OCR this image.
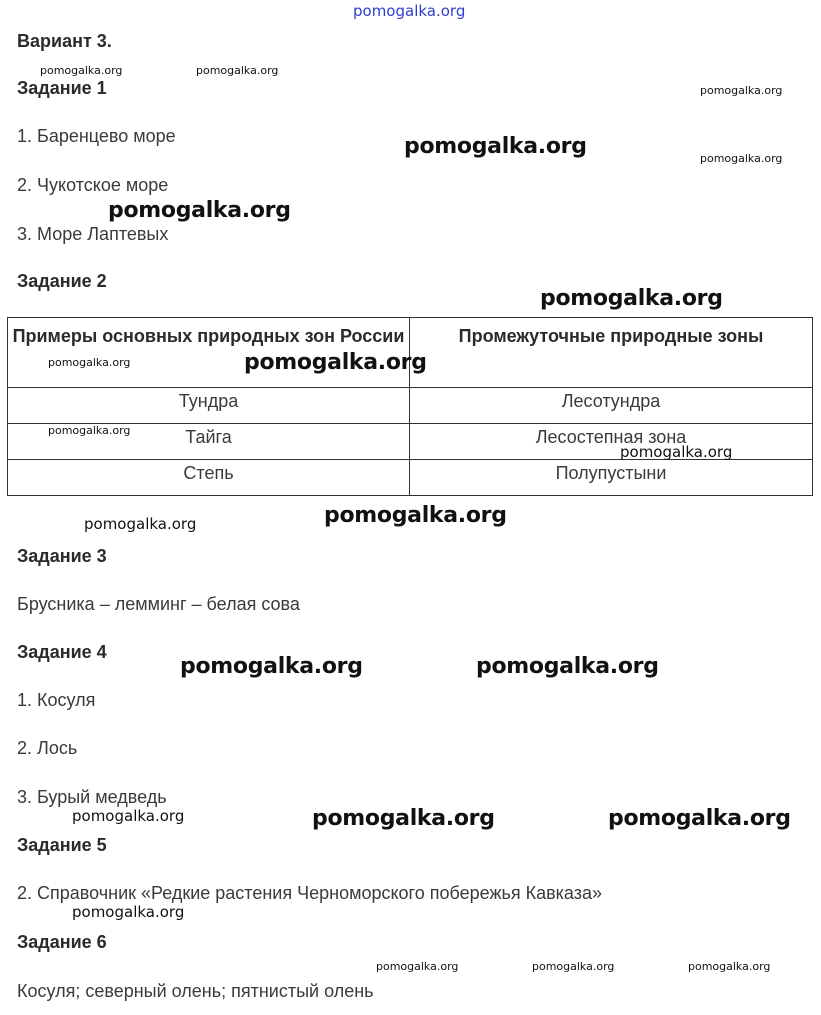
Вариант 3.
Задание 1
1. Баренцево море
2. Чукотское море
3. Море Лаптевых
Задание 2
Примеры основных природных зон России	Промежуточные природные зоны
Тундра	Лесотундра
Тайга	Лесостепная зона
Степь	Полупустыни
Задание 3
Брусника – лемминг – белая сова
Задание 4
1. Косуля
2. Лось
3. Бурый медведь
Задание 5
2. Справочник «Редкие растения Черноморского побережья Кавказа»
Задание 6
Косуля; северный олень; пятнистый олень
pomogalka.org
pomogalka.org	pomogalka.org
pomogalka.org
pomogalka.org	pomogalka.org
pomogalka.org
pomogalka.org
pomogalka.org	pomogalka.org
pomogalka.org
pomogalka.org
pomogalka.org	pomogalka.org
pomogalka.org	pomogalka.org
pomogalka.org	pomogalka.org	pomogalka.org
pomogalka.org
pomogalka.org	pomogalka.org	pomogalka.org
